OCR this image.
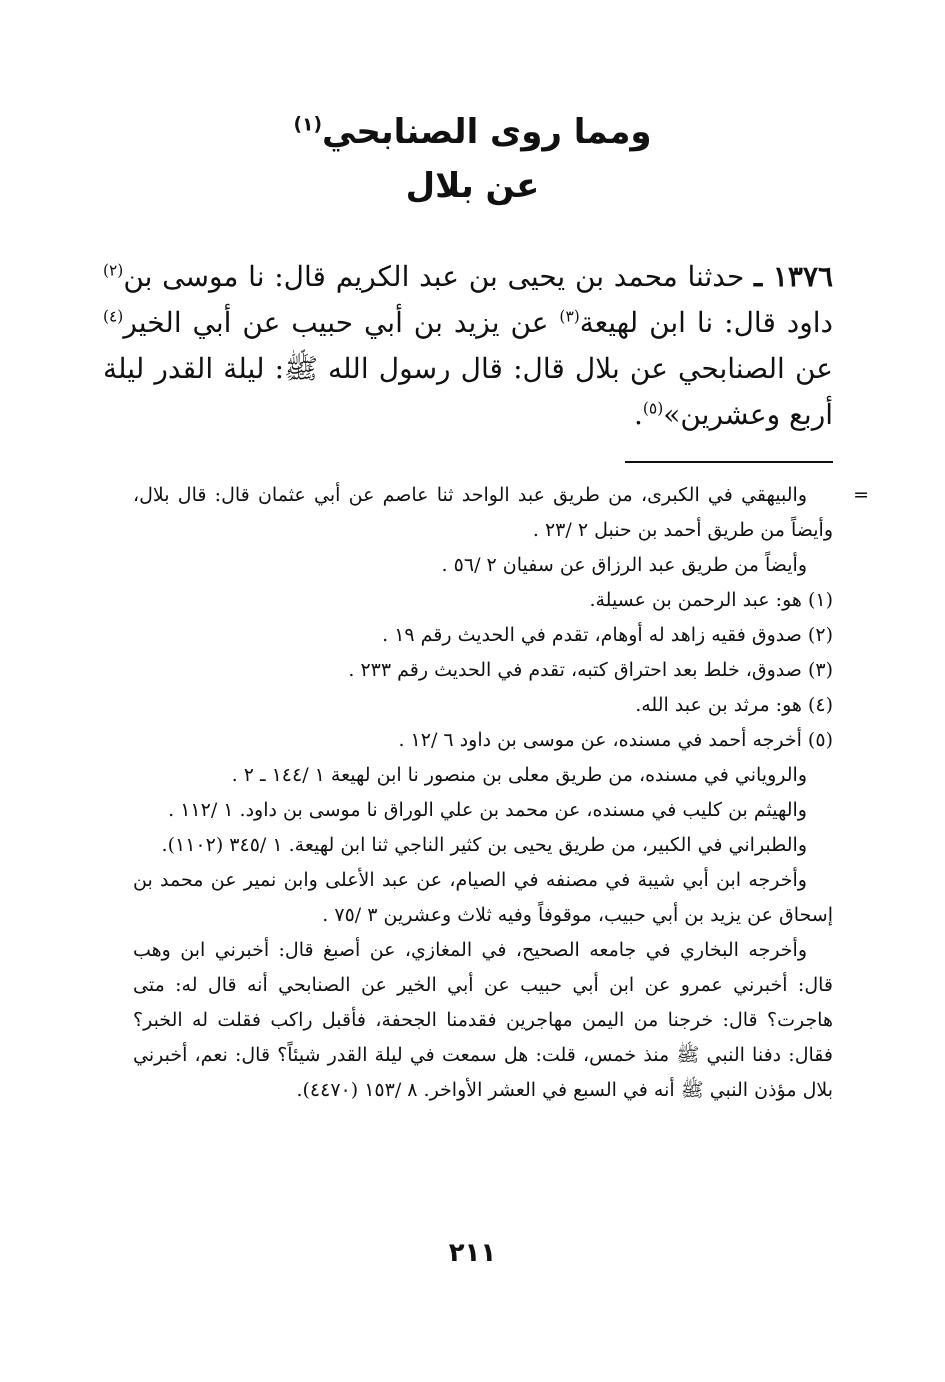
ومما روى الصنابحي$^{(١)}$
عن بلال

١٣٧٦ ـ حدثنا محمد بن يحيى بن عبد الكريم قال: نا موسى بن$^{(٢)}$ داود قال: نا ابن لهيعة$^{(٣)}$ عن يزيد بن أبي حبيب عن أبي الخير$^{(٤)}$ عن الصنابحي عن بلال قال: قال رسول الله ﷺ: ليلة القدر ليلة أربع وعشرين»$^{(٥)}$.

=
والبيهقي في الكبرى، من طريق عبد الواحد ثنا عاصم عن أبي عثمان قال: قال بلال، وأيضاً من طريق أحمد بن حنبل ٢ /٢٣ .

وأيضاً من طريق عبد الرزاق عن سفيان ٢ /٥٦ .

(١) هو: عبد الرحمن بن عسيلة.

(٢) صدوق فقيه زاهد له أوهام، تقدم في الحديث رقم ١٩ .

(٣) صدوق، خلط بعد احتراق كتبه، تقدم في الحديث رقم ٢٣٣ .

(٤) هو: مرثد بن عبد الله.

(٥) أخرجه أحمد في مسنده، عن موسى بن داود ٦ /١٢ .

والروياني في مسنده، من طريق معلى بن منصور نا ابن لهيعة ١ /١٤٤ ـ ٢ .

والهيثم بن كليب في مسنده، عن محمد بن علي الوراق نا موسى بن داود. ١ /١١٢ .

والطبراني في الكبير، من طريق يحيى بن كثير الناجي ثنا ابن لهيعة. ١ /٣٤٥ (١١٠٢).

وأخرجه ابن أبي شيبة في مصنفه في الصيام، عن عبد الأعلى وابن نمير عن محمد بن إسحاق عن يزيد بن أبي حبيب، موقوفاً وفيه ثلاث وعشرين ٣ /٧٥ .

وأخرجه البخاري في جامعه الصحيح، في المغازي، عن أصبغ قال: أخبرني ابن وهب قال: أخبرني عمرو عن ابن أبي حبيب عن أبي الخير عن الصنابحي أنه قال له: متى هاجرت؟ قال: خرجنا من اليمن مهاجرين فقدمنا الجحفة، فأقبل راكب فقلت له الخبر؟ فقال: دفنا النبي ﷺ منذ خمس، قلت: هل سمعت في ليلة القدر شيئاً؟ قال: نعم، أخبرني بلال مؤذن النبي ﷺ أنه في السبع في العشر الأواخر. ٨ /١٥٣ (٤٤٧٠).

٢١١
